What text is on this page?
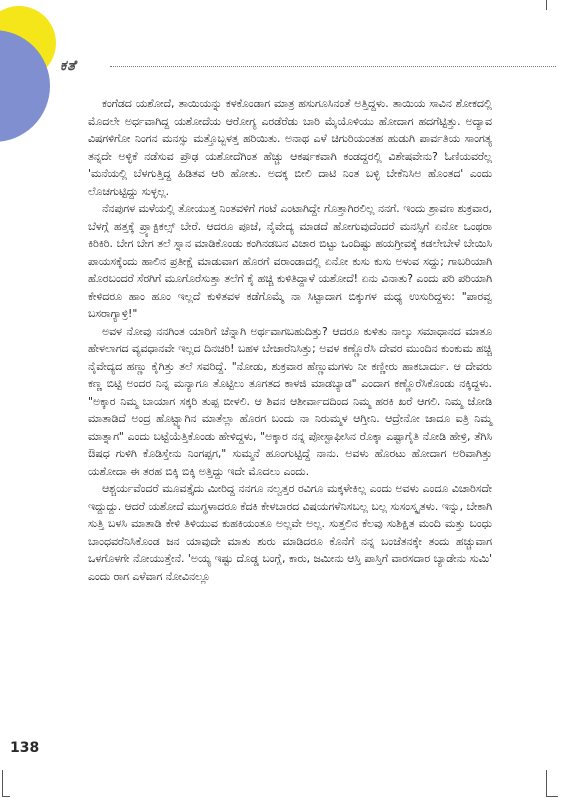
ಕತೆ

ಕಂಗೆಡದ ಯಶೋದೆ, ತಾಯಿಯನ್ನು ಕಳಕೊಂಡಾಗ ಮಾತ್ರ ಹಸುಗೂಸಿನಂತೆ ಅತ್ತಿದ್ದಳು. ತಾಯಿಯ ಸಾವಿನ ಶೋಕದಲ್ಲಿ ಮೊದಲೇ ಅರ್ಧವಾಗಿದ್ದ ಯಶೋದೆಯ ಆರೋಗ್ಯ ಎರಡೆರೆಡು ಬಾರಿ ಮೈಯೊಳಿಯು ಹೋದಾಗ ಹದಗೆಟ್ಟಿತ್ತು. ಅದ್ಯಾವ ವಿಷಗಳಿಗೋ ನಿಂಗನ ಮನಸ್ಸು ಮತ್ತೊಬ್ಬಳತ್ತ ಹರಿಯಿತು. ಅನಾಥ ಎಳೆ ಚಿಗುರಿಯಂತಹ ಹುಡುಗಿ ಪಾರ್ವತಿಯ ಸಾಂಗತ್ಯ ತನ್ನದೇ ಅಳ್ಳಿಕೆ ನಡೆಸುವ ಪ್ರೌಢ ಯಶೋದೆಗಿಂತ ಹೆಚ್ಚು ಆಕರ್ಷಕವಾಗಿ ಕಂಡದ್ದರಲ್ಲಿ ವಿಶೇಷವೇನು? ಓಣಿಯವರೆಲ್ಲ 'ಮನೆಯಲ್ಲಿ ಬೆಳಗುತ್ತಿದ್ದ ಹಿಡಿತವ ಆರಿ ಹೋತು. ಅದಕ್ಕ ಬೀಲಿ ದಾಟಿ ನಿಂತ ಬಳ್ಳಿ ಬೇಕೆನಿಸಿಅ ಹೊಂತದ' ಎಂದು ಲೊಚಗುಟ್ಟಿದ್ದು ಸುಳ್ಳಲ್ಲ.

ನೆನಪುಗಳ ಮಳೆಯಲ್ಲಿ ತೋಯುತ್ತ ನಿಂತವಳಿಗೆ ಗಂಟೆ ಎಂಟಾಗಿದ್ದೇ ಗೊತ್ತಾಗಿರಲಿಲ್ಲ ನನಗೆ. ಇಂದು ಶ್ರಾವಣ ಶುಕ್ರವಾರ, ಬೆಳಗ್ಗೆ ಹತ್ತಕ್ಕೆ ಪ್ರ್ಯಾಕ್ಟಿಕಲ್ಸ್ ಬೇರೆ. ಆದರೂ ಪೂಜೆ, ನೈವೇದ್ಯ ಮಾಡದೆ ಹೋಗುವುದೆಂದರೆ ಮನಸ್ಸಿಗೆ ಏನೋ ಒಂಥರಾ ಕಿರಿಕಿರಿ. ಬೇಗ ಬೇಗ ತಲೆ ಸ್ನಾನ ಮಾಡಿಕೊಂಡು ಕಂಗಿನಡಬನ ವಿಚಾರ ಬಿಟ್ಟು ಒಂದಿಷ್ಟು ಹಯಗ್ರೀವಕ್ಕೆ ಕಡಲೇಬೇಳೆ ಬೇಯಿಸಿ ಪಾಯಸಕ್ಕೆಂದು ಹಾಲಿನ ಪ್ರತೀಕ್ಷೆ ಮಾಡುವಾಗ ಹೊರಗೆ ವರಾಂಡಾದಲ್ಲಿ ಏನೋ ಕುಸು ಕುಸು ಅಳುವ ಸದ್ದು; ಗಾಬರಿಯಾಗಿ ಹೊರಬಂದರೆ ಸೆರಗಿಗೆ ಮೂಗೊರೆಸುತ್ತಾ ತಲೆಗೆ ಕೈ ಹಚ್ಚಿ ಕುಳಿತಿದ್ದಾಳೆ ಯಶೋದೆ! ಏನು ವಿನಾತು? ಎಂದು ಪರಿ ಪರಿಯಾಗಿ ಕೇಳಿದರೂ ಹಾಂ ಹೂಂ ಇಲ್ಲದೆ ಕುಳಿತವಳ ಕಡೆಗೊಮ್ಮೆ ನಾ ಸಿಟ್ಟಾದಾಗ ಬಿಕ್ಕುಗಳ ಮಧ್ಯ ಉಸುರಿದ್ದಳು: "ಪಾರವ್ವ ಬಸರಾಗ್ಯಾಳ್ರಿ!"

ಅವಳ ನೋವು ನನಗಿಂತ ಯಾರಿಗೆ ಚೆನ್ನಾಗಿ ಅರ್ಥವಾಗಬಹುದಿತ್ತು? ಆದರೂ ಕುಳಿತು ನಾಲ್ಕು ಸಮಾಧಾನದ ಮಾತೂ ಹೇಳಲಾಗದ ವ್ಯವಧಾನವೇ ಇಲ್ಲದ ದಿನಚರಿ! ಬಹಳ ಬೇಜಾರೆನಿಸಿತ್ತು; ಅವಳ ಕಣ್ಣೊರೆಸಿ ದೇವರ ಮುಂದಿನ ಕುಂಕುಮ ಹಚ್ಚಿ ನೈವೇದ್ಯದ ಹಣ್ಣು ಕೈಗಿತ್ತು ತಲೆ ಸವರಿದ್ದೆ. "ನೋಡು, ಶುಕ್ರವಾರ ಹೆಣ್ಣುಮಗಳು ನೀ ಕಣ್ಣೀರು ಹಾಕಬಾರ್ದು. ಆ ದೇವರು ಕಣ್ಣ ಬಿಟ್ಟಿ ಅಂದರ ನಿನ್ನ ಮನ್ಯಾಗೂ ತೊಟ್ಟಿಲು ತೂಗತದ ಕಾಳಜಿ ಮಾಡಬ್ಯಾಡ" ಎಂದಾಗ ಕಣ್ಣೊರೆಸಿಕೊಂಡು ನಕ್ಕಿದ್ದಳು. "ಅಕ್ಕಾರ ನಿಮ್ಮ ಬಾಯಾಗ ಸಕ್ಕರಿ ತುಪ್ಪ ಬೀಳಲಿ. ಆ ಶಿವನ ಆಶೀರ್ವಾದದಿಂದ ನಿಮ್ಮ ಹರಕಿ ಖರೆ ಆಗಲಿ. ನಿಮ್ಮ ಜೋಡಿ ಮಾತಾಡಿದೆ ಅಂದ್ರ ಹೊಟ್ಟ್ಯಾಗಿನ ಮಾತೆಲ್ಲಾ ಹೊರಗ ಬಂದು ನಾ ನಿರುಮ್ಮಳ ಆಗ್ತೀನಿ. ಆದ್ರೇನೋ ಜಾದೂ ಐತ್ರಿ ನಿಮ್ಮ ಮಾತ್ನಾಗ" ಎಂದು ಬಟ್ಟೆಯೆತ್ತಿಕೊಂಡು ಹೇಳಿದ್ದಳು, "ಅಕ್ಕಾರ ನನ್ನ ಪೋಸ್ಟಾಫೀಸಿನ ರೊಕ್ಕಾ ಎಷ್ಟಾಗೈತಿ ನೋಡಿ ಹೇಳ್ರಿ, ತೆಗಿಸಿ ಔಷಧ ಗುಳಿಗಿ ಕೊಡಿಸ್ತೇನು ನಿಂಗಪ್ಪಗ," ಸುಮ್ಮನೆ ಹೂಂಗುಟ್ಟಿದ್ದೆ ನಾನು. ಅವಳು ಹೊರಟು ಹೋದಾಗ ಅರಿವಾಗಿತ್ತು ಯಶೋದಾ ಈ ತರಹ ಬಿಕ್ಕಿ ಬಿಕ್ಕಿ ಅತ್ತಿದ್ದು ಇದೇ ಮೊದಲು ಎಂದು.

ಆಶ್ಚರ್ಯವೆಂದರೆ ಮೂವತ್ತೈದು ಮೀರಿದ್ದ ನನಗೂ ನಲ್ವತ್ತರ ರವಿಗೂ ಮಕ್ಕಳೇಕಿಲ್ಲ ಎಂದು ಅವಳು ಎಂದೂ ವಿಚಾರಿಸದೇ ಇದ್ದುದ್ದು. ಆದರೆ ಯಶೋದೆ ಮುಗ್ಧಳಾದರೂ ಕೆದಕಿ ಕೇಳಬಾರದ ವಿಷಯಗಳೆನಿಸಬಲ್ಲ ಬಲ್ಲ ಸುಸಂಸ್ಕೃತಳು. ಇನ್ನು, ಬೇಕಾಗಿ ಸುತ್ತಿ ಬಳಸಿ ಮಾತಾಡಿ ಕೇಳಿ ತಿಳಿಯುವ ಕುಹಕಿಯಂತೂ ಅಲ್ಲವೇ ಅಲ್ಲ. ಸುತ್ತಲಿನ ಕೆಲವು ಸುಶಿಕ್ಷಿತ ಮಂದಿ ಮತ್ತು ಬಂಧು ಬಾಂಧವರೆನಿಸಿಕೊಂಡ ಜನ ಯಾವುದೇ ಮಾತು ಶುರು ಮಾಡಿದರೂ ಕೊನೆಗೆ ನನ್ನ ಬಂಜೆತನಕ್ಕೇ ತಂದು ಹಚ್ಚುವಾಗ ಒಳಗೊಳಗೇ ನೋಯುತ್ತೇನೆ. 'ಅಯ್ಯ ಇಷ್ಟು ದೊಡ್ಡ ಬಂಗ್ಲೆ, ಕಾರು, ಜಮೀನು ಆಸ್ತಿ ಪಾಸ್ತಿಗೆ ವಾರಸದಾರ ಬ್ಯಾಡೇನು ಸುಮಿ' ಎಂದು ರಾಗ ಎಳೆವಾಗ ನೋವಿನಲ್ಲೂ

138
